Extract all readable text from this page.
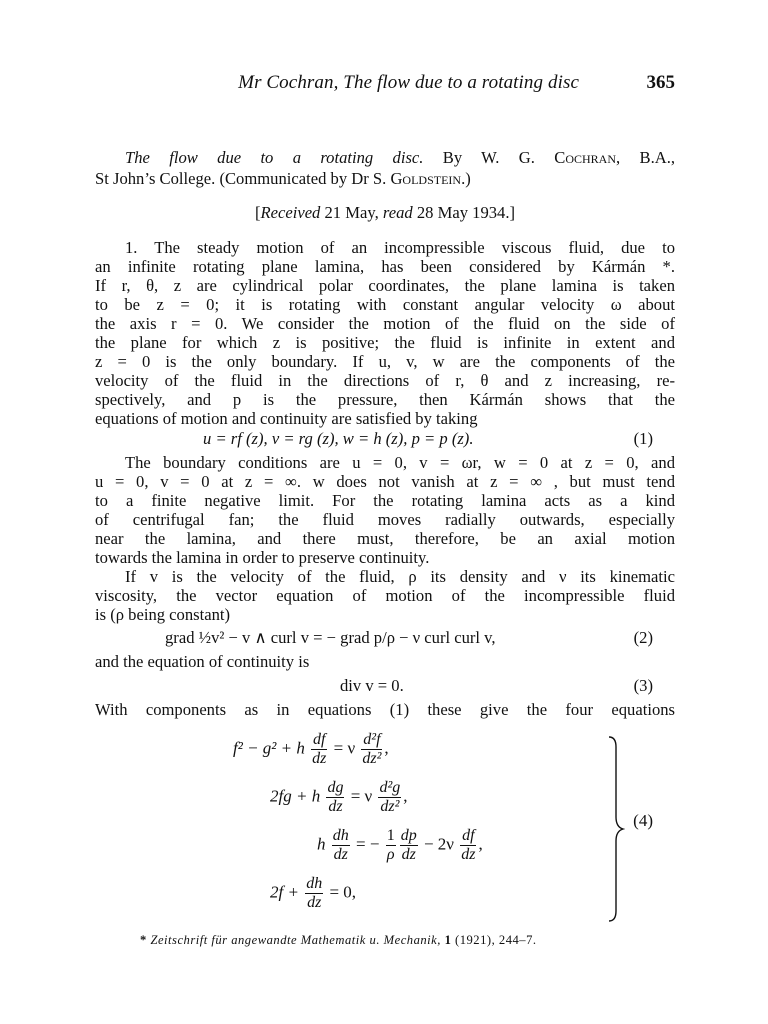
Mr Cochran, The flow due to a rotating disc	365
The flow due to a rotating disc. By W. G. Cochran, B.A.,
St John’s College. (Communicated by Dr S. Goldstein.)
[Received 21 May, read 28 May 1934.]
1. The steady motion of an incompressible viscous fluid, due to
an infinite rotating plane lamina, has been considered by Kármán *.
If r, θ, z are cylindrical polar coordinates, the plane lamina is taken
to be z = 0; it is rotating with constant angular velocity ω about
the axis r = 0. We consider the motion of the fluid on the side of
the plane for which z is positive; the fluid is infinite in extent and
z = 0 is the only boundary. If u, v, w are the components of the
velocity of the fluid in the directions of r, θ and z increasing, re-
spectively, and p is the pressure, then Kármán shows that the
equations of motion and continuity are satisfied by taking
u = rf (z), v = rg (z), w = h (z), p = p (z).	(1)
The boundary conditions are u = 0, v = ωr, w = 0 at z = 0, and
u = 0, v = 0 at z = ∞. w does not vanish at z = ∞ , but must tend
to a finite negative limit. For the rotating lamina acts as a kind
of centrifugal fan; the fluid moves radially outwards, especially
near the lamina, and there must, therefore, be an axial motion
towards the lamina in order to preserve continuity.
If v is the velocity of the fluid, ρ its density and ν its kinematic
viscosity, the vector equation of motion of the incompressible fluid
is (ρ being constant)
grad ½v² − v ∧ curl v = − grad p/ρ − ν curl curl v,	(2)
and the equation of continuity is
div v = 0.	(3)
With components as in equations (1) these give the four equations
f² − g² + h $\frac{df}{dz} = \nu \frac{\text{d²f}}{\text{dz²}}$ ,
2fg + h $\frac{dg}{dz} = \nu \frac{\text{d²g}}{\text{dz²}}$ ,
h $\frac{dh}{dz}$ = − $\frac{1}{\rho} \frac{dp}{dz} - 2\nu \frac{df}{dz}$ ,
$2f + \frac{dh}{dz} = 0$,
(4)
* Zeitschrift für angewandte Mathematik u. Mechanik, 1 (1921), 244–7.
